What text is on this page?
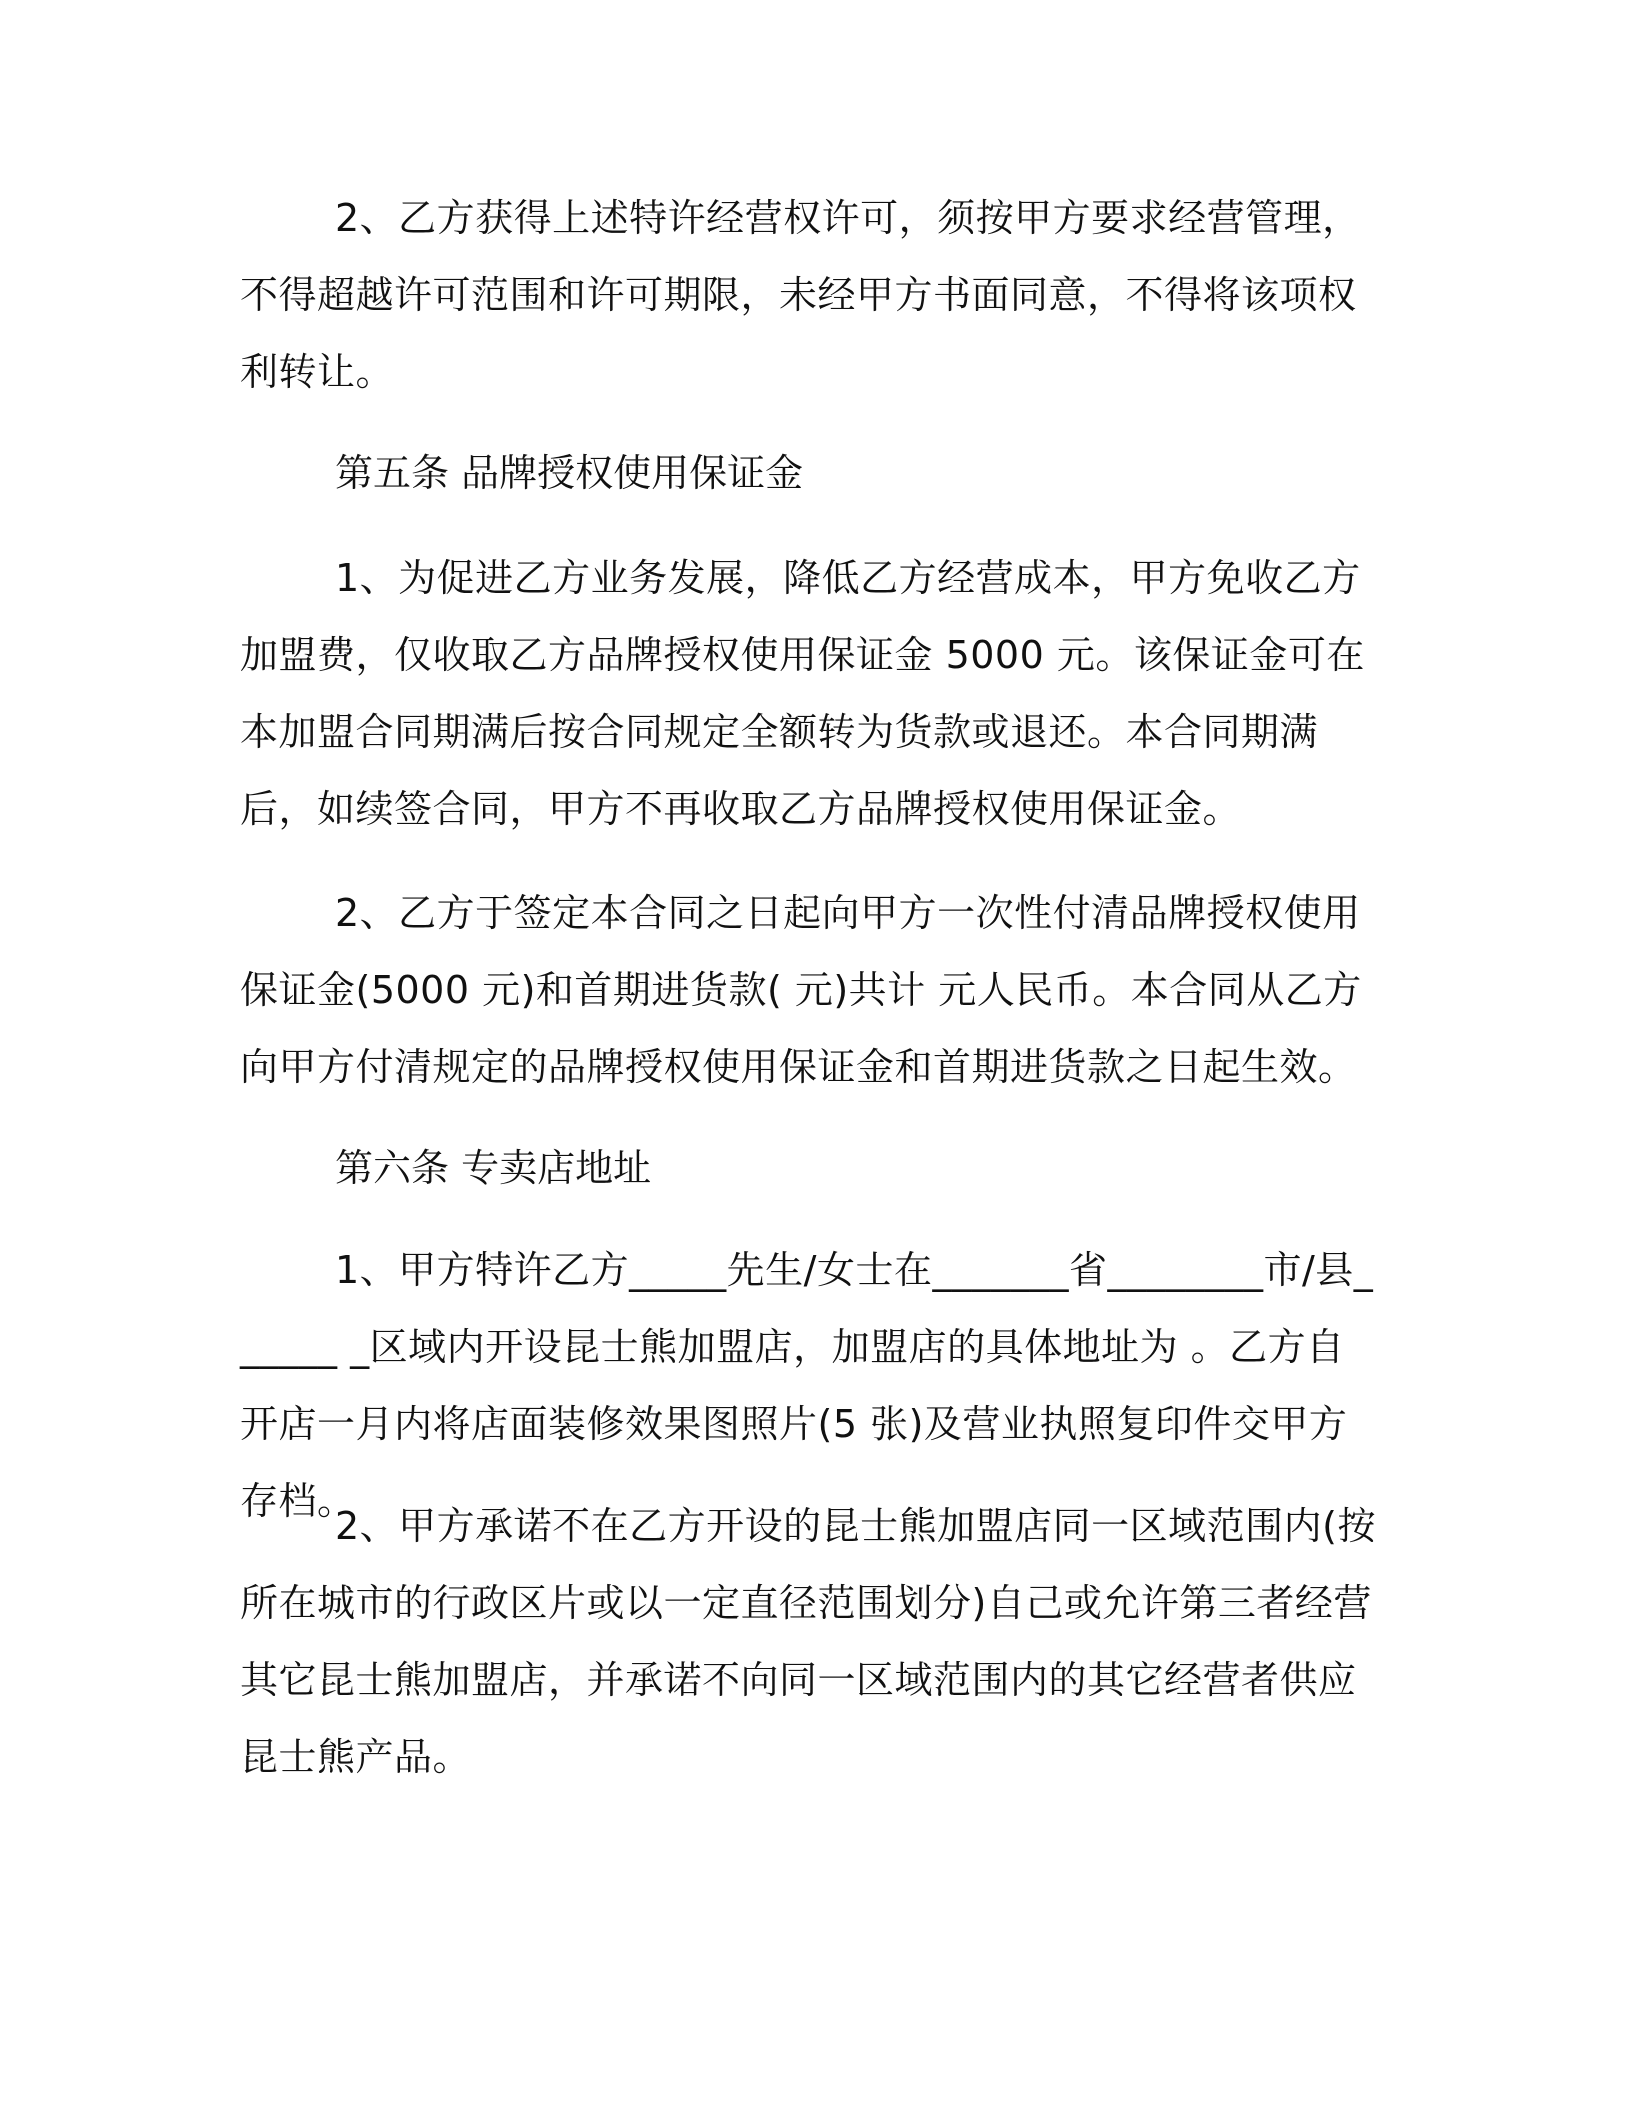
2、乙方获得上述特许经营权许可，须按甲方要求经营管理，不得超越许可范围和许可期限，未经甲方书面同意，不得将该项权利转让。

第五条 品牌授权使用保证金

1、为促进乙方业务发展，降低乙方经营成本，甲方免收乙方加盟费，仅收取乙方品牌授权使用保证金 5000 元。该保证金可在本加盟合同期满后按合同规定全额转为货款或退还。本合同期满后，如续签合同，甲方不再收取乙方品牌授权使用保证金。

2、乙方于签定本合同之日起向甲方一次性付清品牌授权使用保证金(5000 元)和首期进货款( 元)共计 元人民币。本合同从乙方向甲方付清规定的品牌授权使用保证金和首期进货款之日起生效。

第六条 专卖店地址

1、甲方特许乙方_____先生/女士在_______省________市/县______ _区域内开设昆士熊加盟店，加盟店的具体地址为 。乙方自开店一月内将店面装修效果图照片(5 张)及营业执照复印件交甲方存档。

2、甲方承诺不在乙方开设的昆士熊加盟店同一区域范围内(按所在城市的行政区片或以一定直径范围划分)自己或允许第三者经营其它昆士熊加盟店，并承诺不向同一区域范围内的其它经营者供应昆士熊产品。
